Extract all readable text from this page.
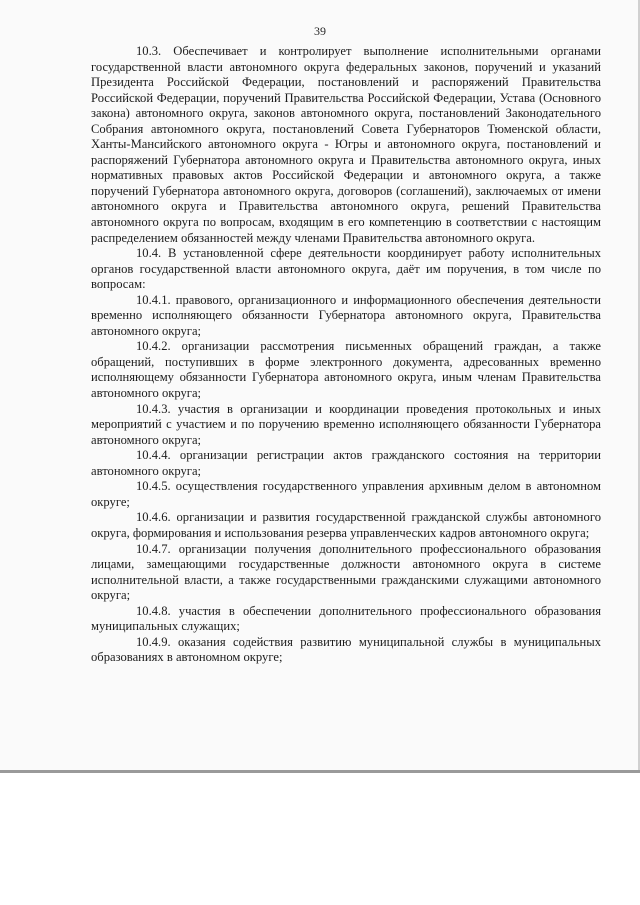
39

10.3. Обеспечивает и контролирует выполнение исполнительными органами государственной власти автономного округа федеральных законов, поручений и указаний Президента Российской Федерации, постановлений и распоряжений Правительства Российской Федерации, поручений Правительства Российской Федерации, Устава (Основного закона) автономного округа, законов автономного округа, постановлений Законодательного Собрания автономного округа, постановлений Совета Губернаторов Тюменской области, Ханты-Мансийского автономного округа - Югры и автономного округа, постановлений и распоряжений Губернатора автономного округа и Правительства автономного округа, иных нормативных правовых актов Российской Федерации и автономного округа, а также поручений Губернатора автономного округа, договоров (соглашений), заключаемых от имени автономного округа и Правительства автономного округа, решений Правительства автономного округа по вопросам, входящим в его компетенцию в соответствии с настоящим распределением обязанностей между членами Правительства автономного округа.

10.4. В установленной сфере деятельности координирует работу исполнительных органов государственной власти автономного округа, даёт им поручения, в том числе по вопросам:

10.4.1. правового, организационного и информационного обеспечения деятельности временно исполняющего обязанности Губернатора автономного округа, Правительства автономного округа;

10.4.2. организации рассмотрения письменных обращений граждан, а также обращений, поступивших в форме электронного документа, адресованных временно исполняющему обязанности Губернатора автономного округа, иным членам Правительства автономного округа;

10.4.3. участия в организации и координации проведения протокольных и иных мероприятий с участием и по поручению временно исполняющего обязанности Губернатора автономного округа;

10.4.4. организации регистрации актов гражданского состояния на территории автономного округа;

10.4.5. осуществления государственного управления архивным делом в автономном округе;

10.4.6. организации и развития государственной гражданской службы автономного округа, формирования и использования резерва управленческих кадров автономного округа;

10.4.7. организации получения дополнительного профессионального образования лицами, замещающими государственные должности автономного округа в системе исполнительной власти, а также государственными гражданскими служащими автономного округа;

10.4.8. участия в обеспечении дополнительного профессионального образования муниципальных служащих;

10.4.9. оказания содействия развитию муниципальной службы в муниципальных образованиях в автономном округе;
